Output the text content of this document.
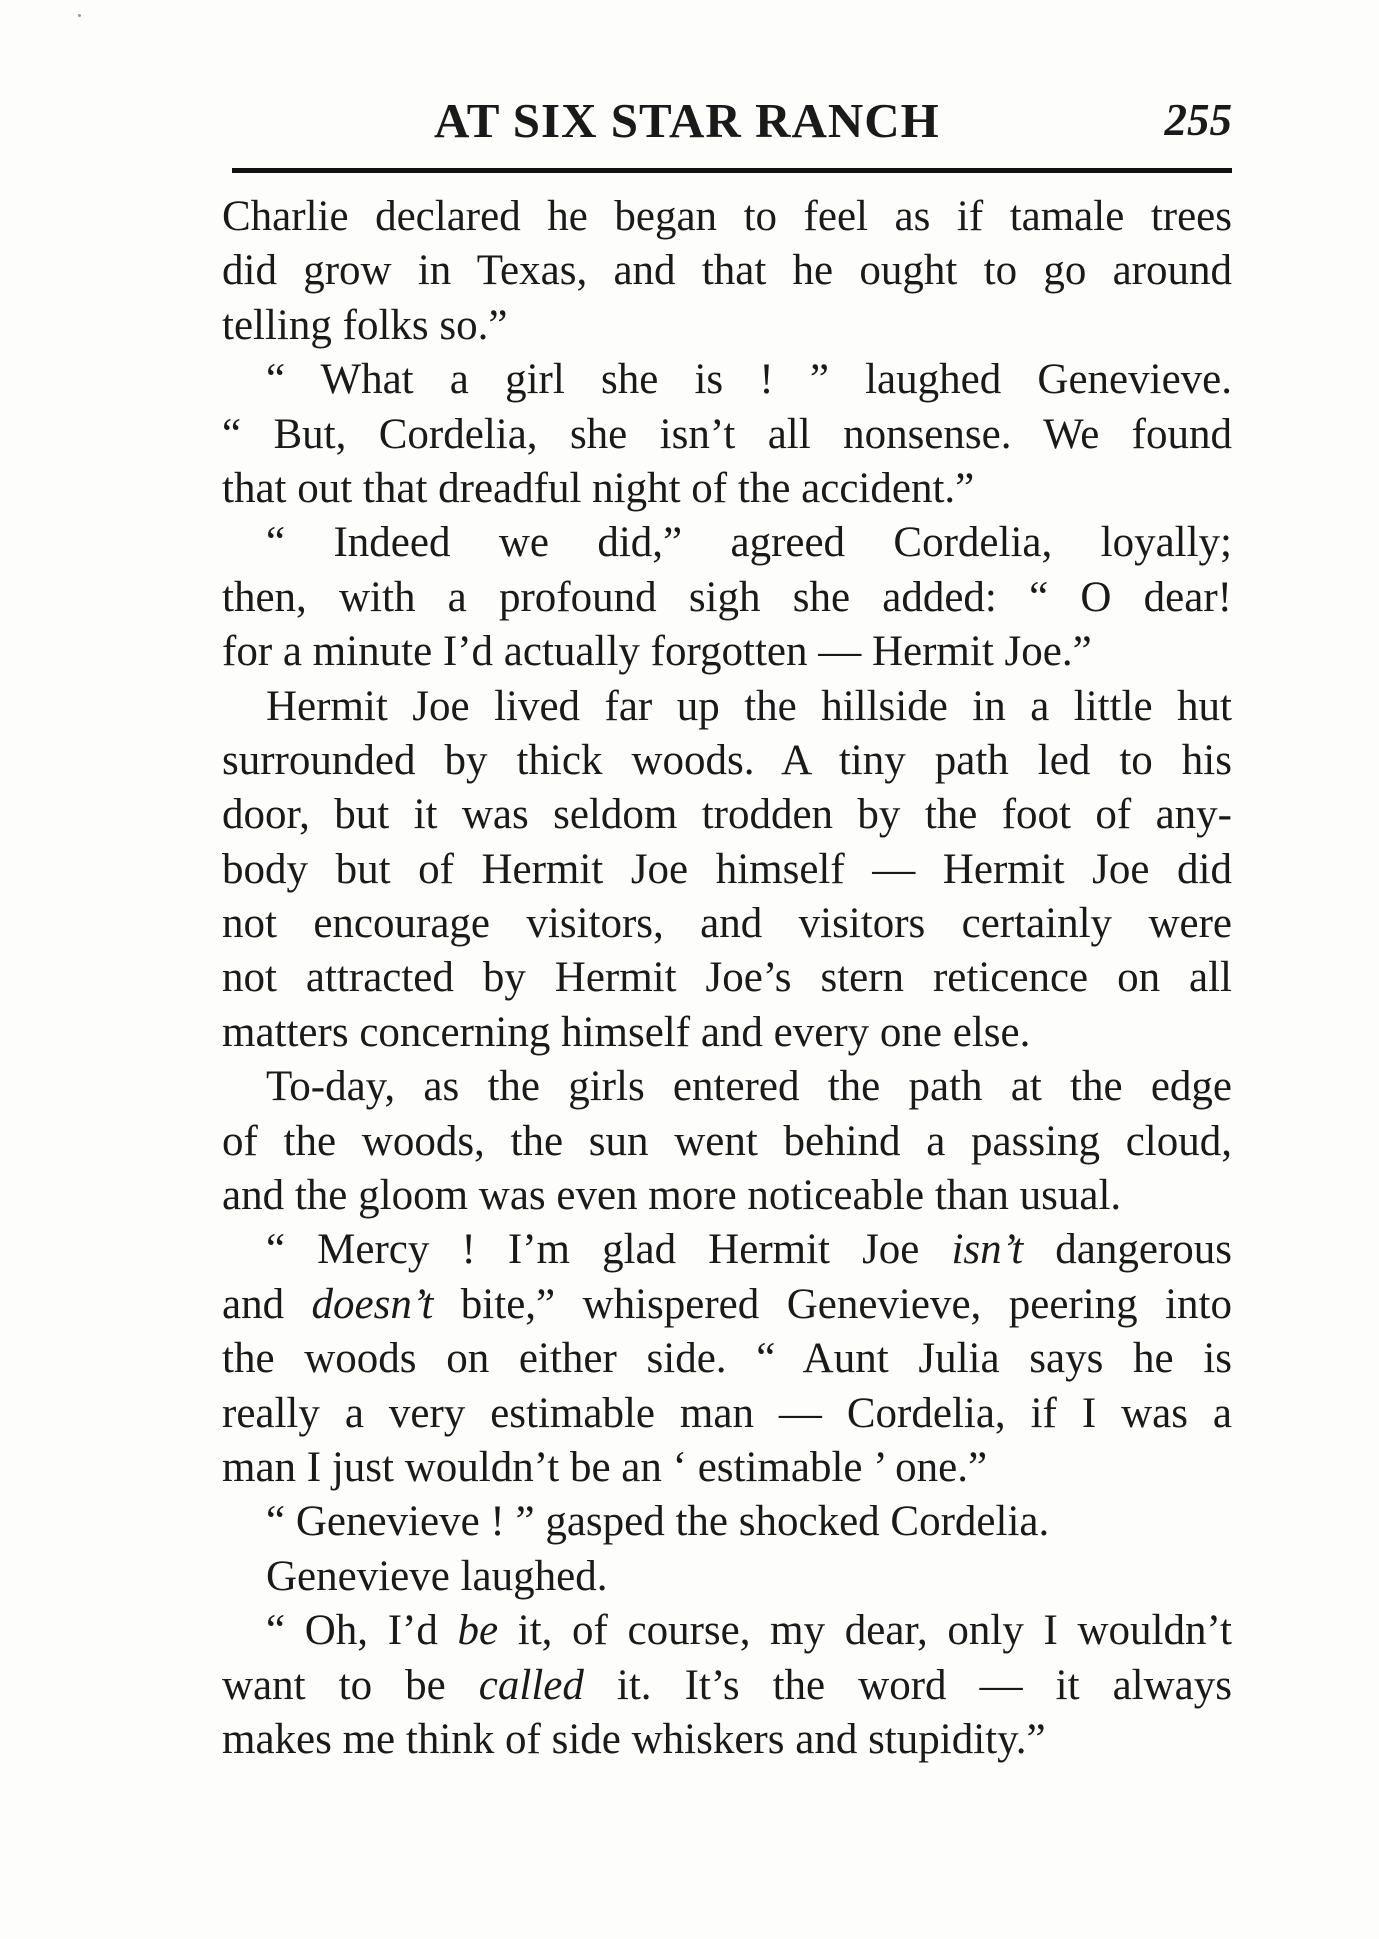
AT SIX STAR RANCH	255
Charlie declared he began to feel as if tamale trees
did grow in Texas, and that he ought to go around
telling folks so.”
“ What a girl she is ! ” laughed Genevieve.
“ But, Cordelia, she isn’t all nonsense. We found
that out that dreadful night of the accident.”
“ Indeed we did,” agreed Cordelia, loyally;
then, with a profound sigh she added: “ O dear!
for a minute I’d actually forgotten — Hermit Joe.”
Hermit Joe lived far up the hillside in a little hut
surrounded by thick woods. A tiny path led to his
door, but it was seldom trodden by the foot of any-
body but of Hermit Joe himself — Hermit Joe did
not encourage visitors, and visitors certainly were
not attracted by Hermit Joe’s stern reticence on all
matters concerning himself and every one else.
To-day, as the girls entered the path at the edge
of the woods, the sun went behind a passing cloud,
and the gloom was even more noticeable than usual.
“ Mercy ! I’m glad Hermit Joe isn’t dangerous
and doesn’t bite,” whispered Genevieve, peering into
the woods on either side. “ Aunt Julia says he is
really a very estimable man — Cordelia, if I was a
man I just wouldn’t be an ‘ estimable ’ one.”
“ Genevieve ! ” gasped the shocked Cordelia.
Genevieve laughed.
“ Oh, I’d be it, of course, my dear, only I wouldn’t
want to be called it. It’s the word — it always
makes me think of side whiskers and stupidity.”
